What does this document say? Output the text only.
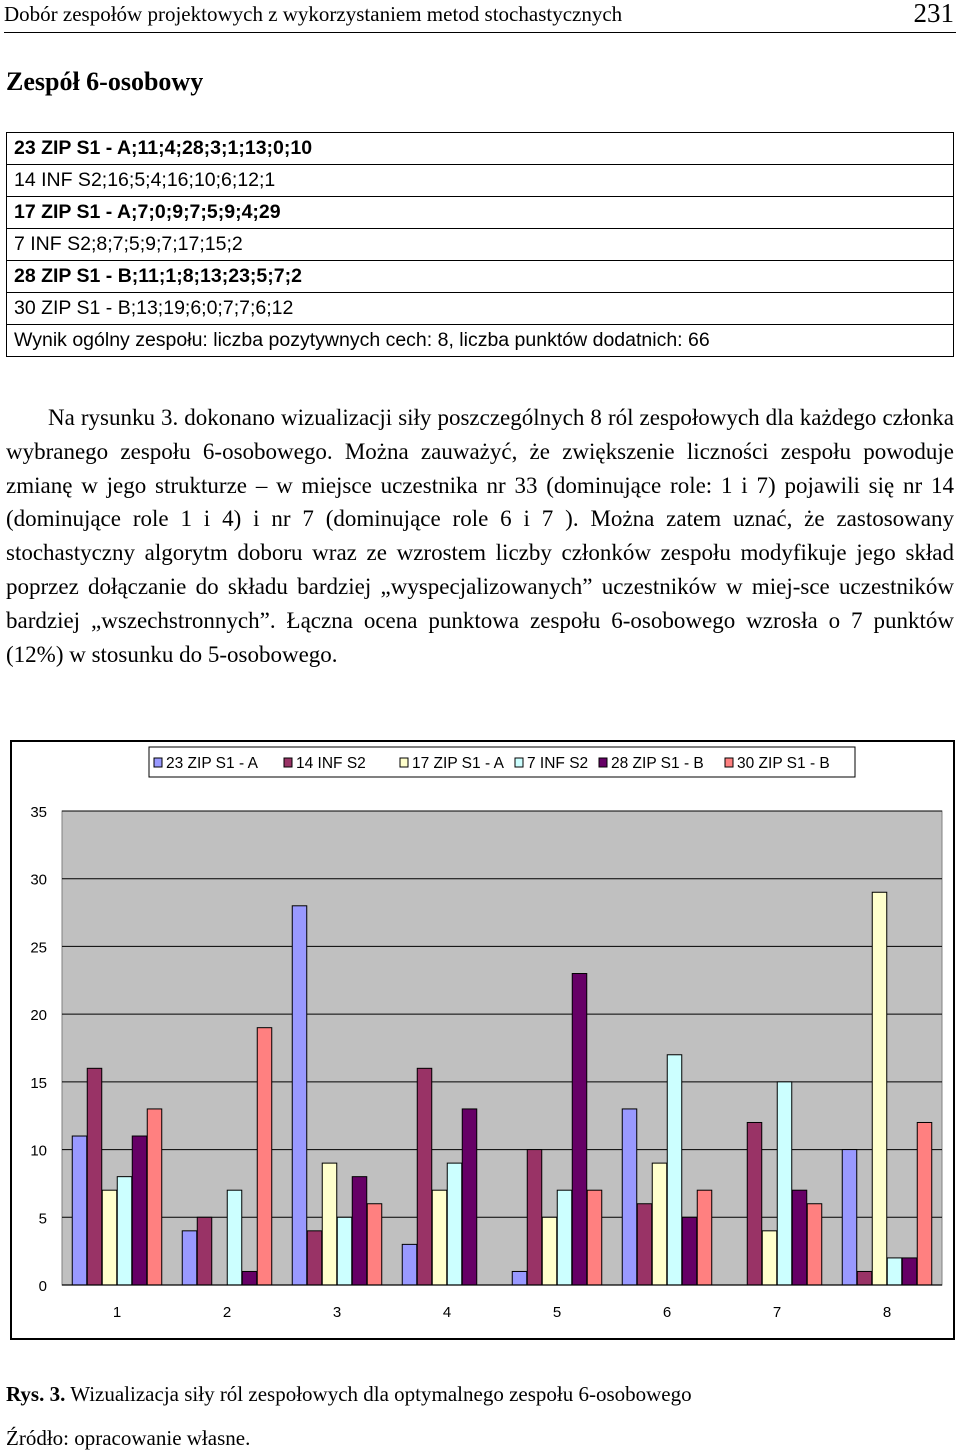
Dobór zespołów projektowych z wykorzystaniem metod stochastycznych	231
Zespół 6-osobowy
23 ZIP S1 - A;11;4;28;3;1;13;0;10
14 INF S2;16;5;4;16;10;6;12;1
17 ZIP S1 - A;7;0;9;7;5;9;4;29
7 INF S2;8;7;5;9;7;17;15;2
28 ZIP S1 - B;11;1;8;13;23;5;7;2
30 ZIP S1 - B;13;19;6;0;7;7;6;12
Wynik ogólny zespołu: liczba pozytywnych cech: 8, liczba punktów dodatnich: 66

Na rysunku 3. dokonano wizualizacji siły poszczególnych 8 ról zespołowych dla każdego członka wybranego zespołu 6-osobowego. Można zauważyć, że zwiększenie liczności zespołu powoduje zmianę w jego strukturze – w miejsce uczestnika nr 33 (dominujące role: 1 i 7) pojawili się nr 14 (dominujące role 1 i 4) i nr 7 (dominujące role 6 i 7 ). Można zatem uznać, że zastosowany stochastyczny algorytm doboru wraz ze wzrostem liczby członków zespołu modyfikuje jego skład poprzez dołączanie do składu bardziej „wyspecjalizowanych” uczestników w miej-sce uczestników bardziej „wszechstronnych”. Łączna ocena punktowa zespołu 6-osobowego wzrosła o 7 punktów (12%) w stosunku do 5-osobowego.

0
5
10
15
20
25
30
35
1	2	3	4	5	6	7	8
23 ZIP S1 - A 14 INF S2	17 ZIP S1 - A 7 INF S2 28 ZIP S1 - B 30 ZIP S1 - B
Rys. 3. Wizualizacja siły ról zespołowych dla optymalnego zespołu 6-osobowego
Źródło: opracowanie własne.
